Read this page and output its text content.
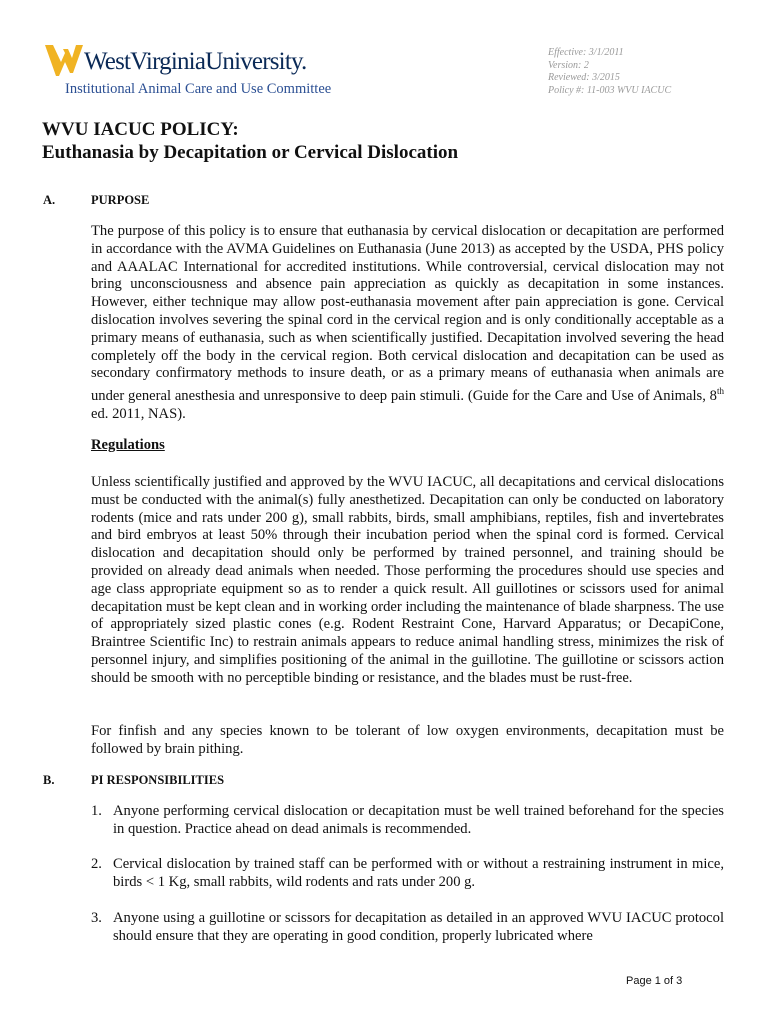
WestVirginiaUniversity.
Institutional Animal Care and Use Committee
Effective: 3/1/2011
Version: 2
Reviewed: 3/2015
Policy #: 11-003 WVU IACUC
WVU IACUC POLICY:
Euthanasia by Decapitation or Cervical Dislocation
A.	PURPOSE
The purpose of this policy is to ensure that euthanasia by cervical dislocation or decapitation are performed in accordance with the AVMA Guidelines on Euthanasia (June 2013) as accepted by the USDA, PHS policy and AAALAC International for accredited institutions. While controversial, cervical dislocation may not bring unconsciousness and absence pain appreciation as quickly as decapitation in some instances. However, either technique may allow post-euthanasia movement after pain appreciation is gone. Cervical dislocation involves severing the spinal cord in the cervical region and is only conditionally acceptable as a primary means of euthanasia, such as when scientifically justified. Decapitation involved severing the head completely off the body in the cervical region. Both cervical dislocation and decapitation can be used as secondary confirmatory methods to insure death, or as a primary means of euthanasia when animals are under general anesthesia and unresponsive to deep pain stimuli. (Guide for the Care and Use of Animals, 8th ed. 2011, NAS).
Regulations
Unless scientifically justified and approved by the WVU IACUC, all decapitations and cervical dislocations must be conducted with the animal(s) fully anesthetized. Decapitation can only be conducted on laboratory rodents (mice and rats under 200 g), small rabbits, birds, small amphibians, reptiles, fish and invertebrates and bird embryos at least 50% through their incubation period when the spinal cord is formed. Cervical dislocation and decapitation should only be performed by trained personnel, and training should be provided on already dead animals when needed. Those performing the procedures should use species and age class appropriate equipment so as to render a quick result. All guillotines or scissors used for animal decapitation must be kept clean and in working order including the maintenance of blade sharpness. The use of appropriately sized plastic cones (e.g. Rodent Restraint Cone, Harvard Apparatus; or DecapiCone, Braintree Scientific Inc) to restrain animals appears to reduce animal handling stress, minimizes the risk of personnel injury, and simplifies positioning of the animal in the guillotine. The guillotine or scissors action should be smooth with no perceptible binding or resistance, and the blades must be rust-free.
For finfish and any species known to be tolerant of low oxygen environments, decapitation must be followed by brain pithing.
B.	PI RESPONSIBILITIES
1. Anyone performing cervical dislocation or decapitation must be well trained beforehand for the species in question. Practice ahead on dead animals is recommended.
2. Cervical dislocation by trained staff can be performed with or without a restraining instrument in mice, birds < 1 Kg, small rabbits, wild rodents and rats under 200 g.
3. Anyone using a guillotine or scissors for decapitation as detailed in an approved WVU IACUC protocol should ensure that they are operating in good condition, properly lubricated where
Page 1 of 3
